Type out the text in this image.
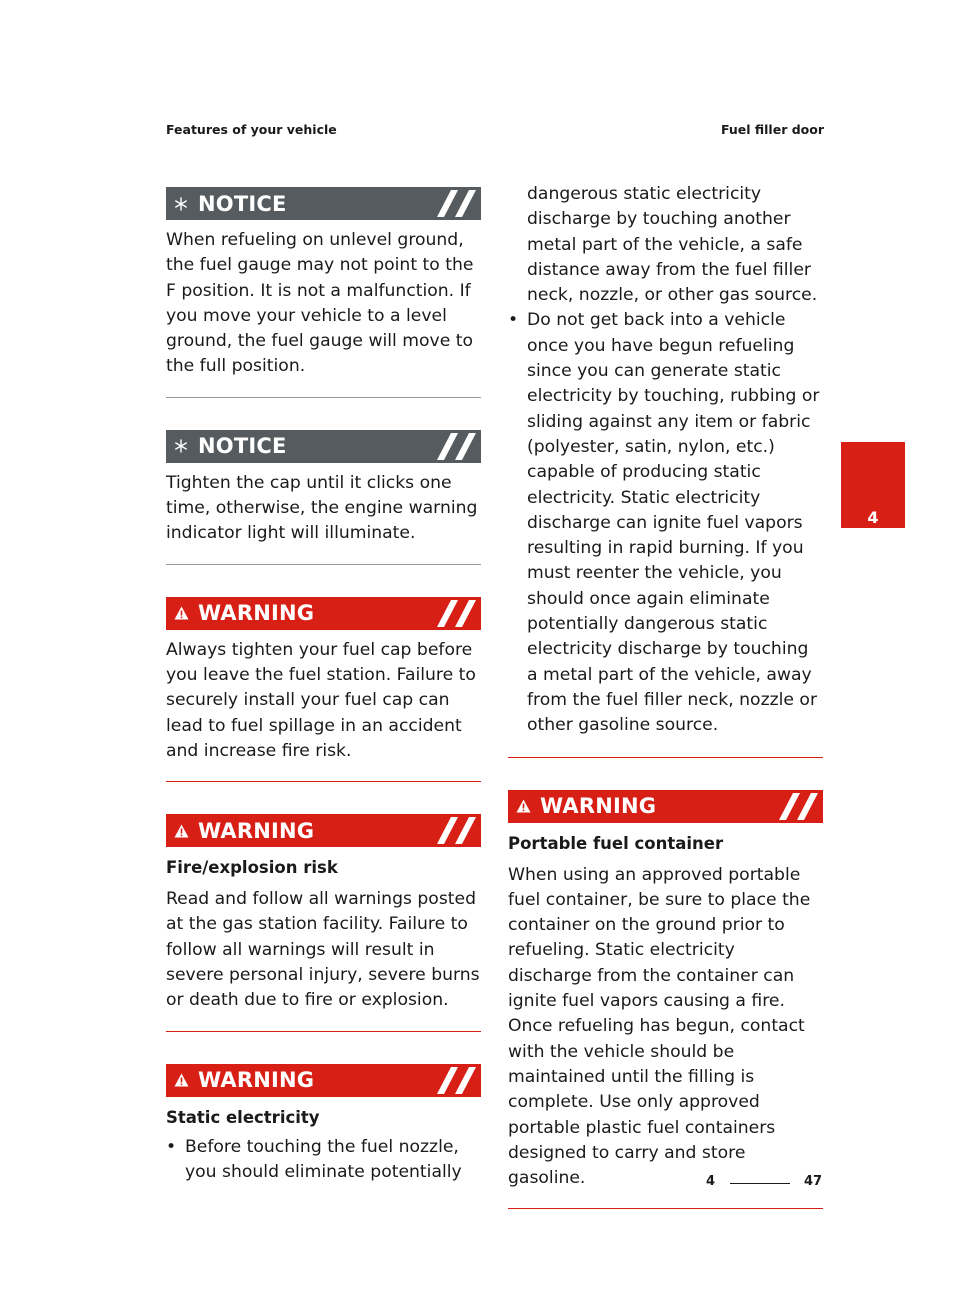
Features of your vehicle	Fuel filler door
NOTICE

When refueling on unlevel ground, the fuel gauge may not point to the F position. It is not a malfunction. If you move your vehicle to a level ground, the fuel gauge will move to the full position.

NOTICE

Tighten the cap until it clicks one time, otherwise, the engine warning indicator light will illuminate.

WARNING

Always tighten your fuel cap before you leave the fuel station. Failure to securely install your fuel cap can lead to fuel spillage in an accident and increase fire risk.

WARNING

Fire/explosion risk

Read and follow all warnings posted at the gas station facility. Failure to follow all warnings will result in severe personal injury, severe burns or death due to fire or explosion.

WARNING

Static electricity

• Before touching the fuel nozzle, you should eliminate potentially

dangerous static electricity discharge by touching another metal part of the vehicle, a safe distance away from the fuel filler neck, nozzle, or other gas source.

• Do not get back into a vehicle once you have begun refueling since you can generate static electricity by touching, rubbing or sliding against any item or fabric (polyester, satin, nylon, etc.) capable of producing static electricity. Static electricity discharge can ignite fuel vapors resulting in rapid burning. If you must reenter the vehicle, you should once again eliminate potentially dangerous static electricity discharge by touching a metal part of the vehicle, away from the fuel filler neck, nozzle or other gasoline source.
WARNING

Portable fuel container

When using an approved portable fuel container, be sure to place the container on the ground prior to refueling. Static electricity discharge from the container can ignite fuel vapors causing a fire. Once refueling has begun, contact with the vehicle should be maintained until the filling is complete. Use only approved portable plastic fuel containers designed to carry and store gasoline.

4
4	47
